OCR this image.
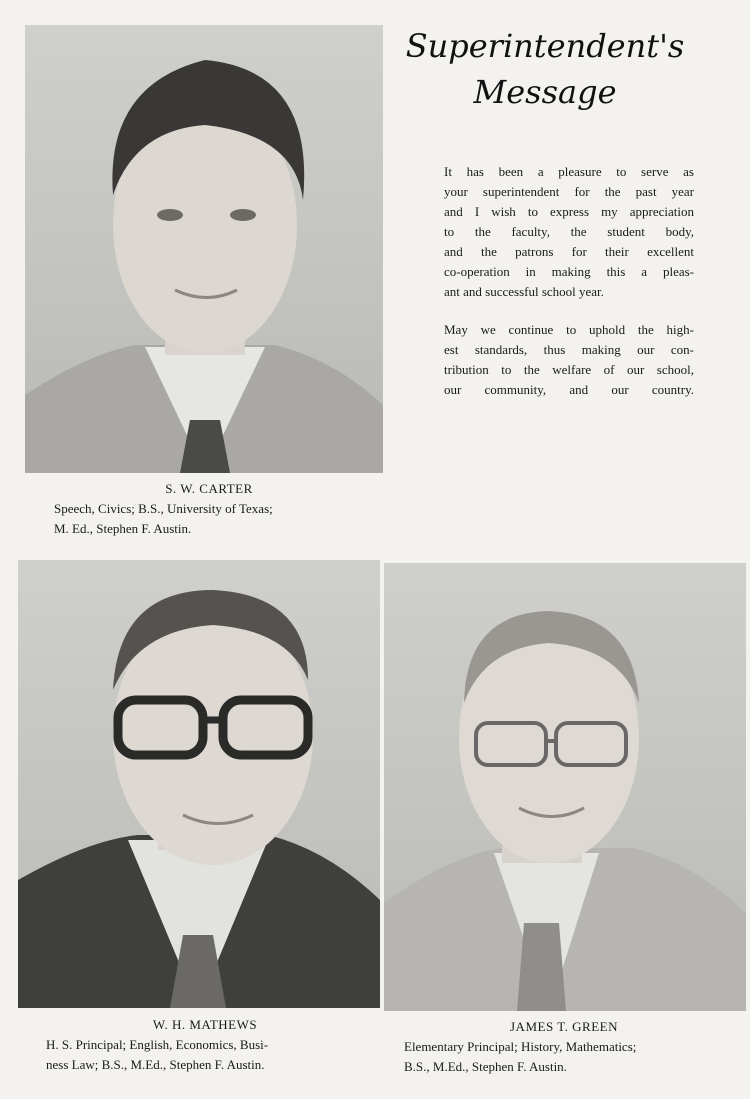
Superintendent's
Message
It has been a pleasure to serve as
your superintendent for the past year
and I wish to express my appreciation
to the faculty, the student body,
and the patrons for their excellent
co-operation in making this a pleas-
ant and successful school year.
May we continue to uphold the high-
est standards, thus making our con-
tribution to the welfare of our school,
our community, and our country.
S. W. CARTER
Speech, Civics; B.S., University of Texas;
M. Ed., Stephen F. Austin.
W. H. MATHEWS
H. S. Principal; English, Economics, Busi-
ness Law; B.S., M.Ed., Stephen F. Austin.
JAMES T. GREEN
Elementary Principal; History, Mathematics;
B.S., M.Ed., Stephen F. Austin.
